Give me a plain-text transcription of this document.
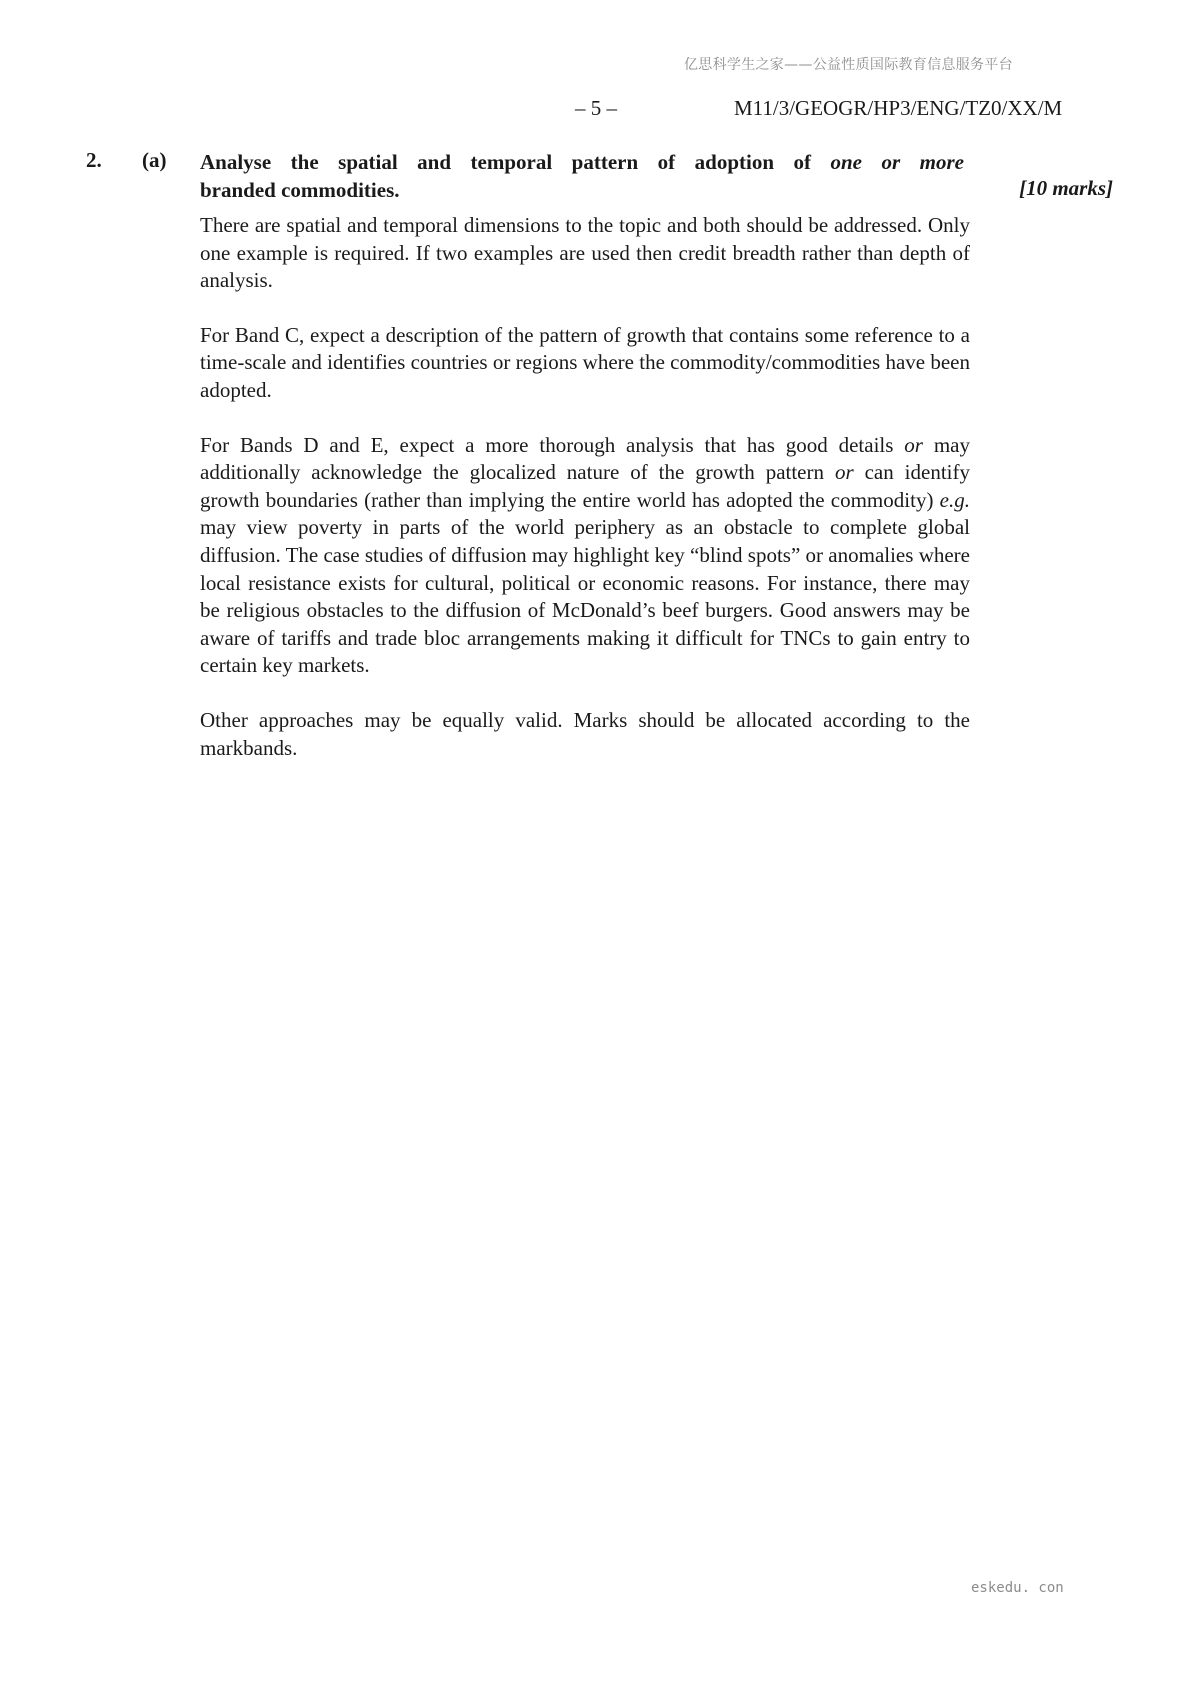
亿思科学生之家——公益性质国际教育信息服务平台
– 5 –	M11/3/GEOGR/HP3/ENG/TZ0/XX/M
2. (a) Analyse the spatial and temporal pattern of adoption of one or more
branded commodities.	[10 marks]

There are spatial and temporal dimensions to the topic and both should be addressed. Only one example is required. If two examples are used then credit breadth rather than depth of analysis.

For Band C, expect a description of the pattern of growth that contains some reference to a time-scale and identifies countries or regions where the commodity/commodities have been adopted.

For Bands D and E, expect a more thorough analysis that has good details or may additionally acknowledge the glocalized nature of the growth pattern or can identify growth boundaries (rather than implying the entire world has adopted the commodity) e.g. may view poverty in parts of the world periphery as an obstacle to complete global diffusion. The case studies of diffusion may highlight key “blind spots” or anomalies where local resistance exists for cultural, political or economic reasons. For instance, there may be religious obstacles to the diffusion of McDonald’s beef burgers. Good answers may be aware of tariffs and trade bloc arrangements making it difficult for TNCs to gain entry to certain key markets.

Other approaches may be equally valid. Marks should be allocated according to the markbands.

eskedu. con
